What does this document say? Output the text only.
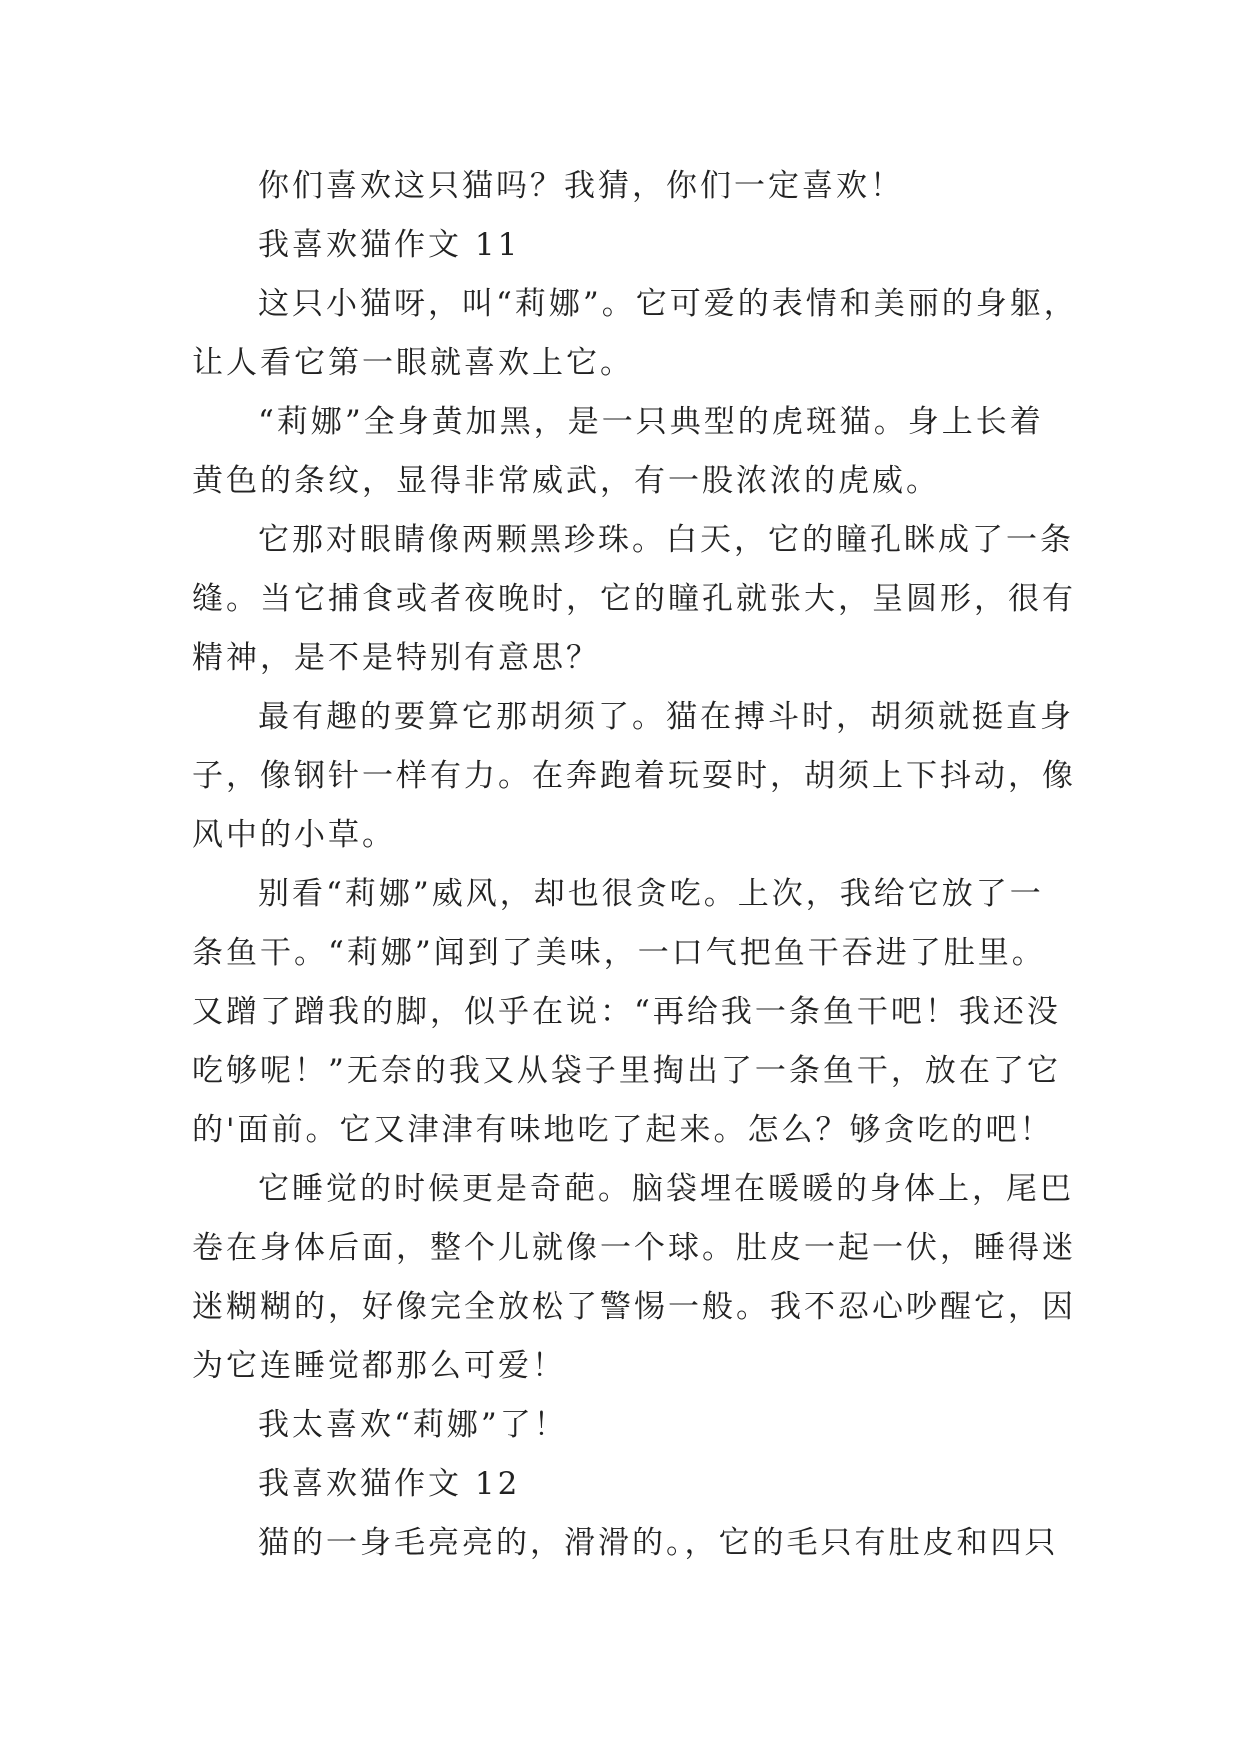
你们喜欢这只猫吗？我猜，你们一定喜欢！
我喜欢猫作文 11
这只小猫呀，叫“莉娜”。它可爱的表情和美丽的身躯，
让人看它第一眼就喜欢上它。
“莉娜”全身黄加黑，是一只典型的虎斑猫。身上长着
黄色的条纹，显得非常威武，有一股浓浓的虎威。
它那对眼睛像两颗黑珍珠。白天，它的瞳孔眯成了一条
缝。当它捕食或者夜晚时，它的瞳孔就张大，呈圆形，很有
精神，是不是特别有意思？
最有趣的要算它那胡须了。猫在搏斗时，胡须就挺直身
子，像钢针一样有力。在奔跑着玩耍时，胡须上下抖动，像
风中的小草。
别看“莉娜”威风，却也很贪吃。上次，我给它放了一
条鱼干。“莉娜”闻到了美味，一口气把鱼干吞进了肚里。
又蹭了蹭我的脚，似乎在说：“再给我一条鱼干吧！我还没
吃够呢！”无奈的我又从袋子里掏出了一条鱼干，放在了它
的'面前。它又津津有味地吃了起来。怎么？够贪吃的吧！
它睡觉的时候更是奇葩。脑袋埋在暖暖的身体上，尾巴
卷在身体后面，整个儿就像一个球。肚皮一起一伏，睡得迷
迷糊糊的，好像完全放松了警惕一般。我不忍心吵醒它，因
为它连睡觉都那么可爱！
我太喜欢“莉娜”了！
我喜欢猫作文 12
猫的一身毛亮亮的，滑滑的。，它的毛只有肚皮和四只
